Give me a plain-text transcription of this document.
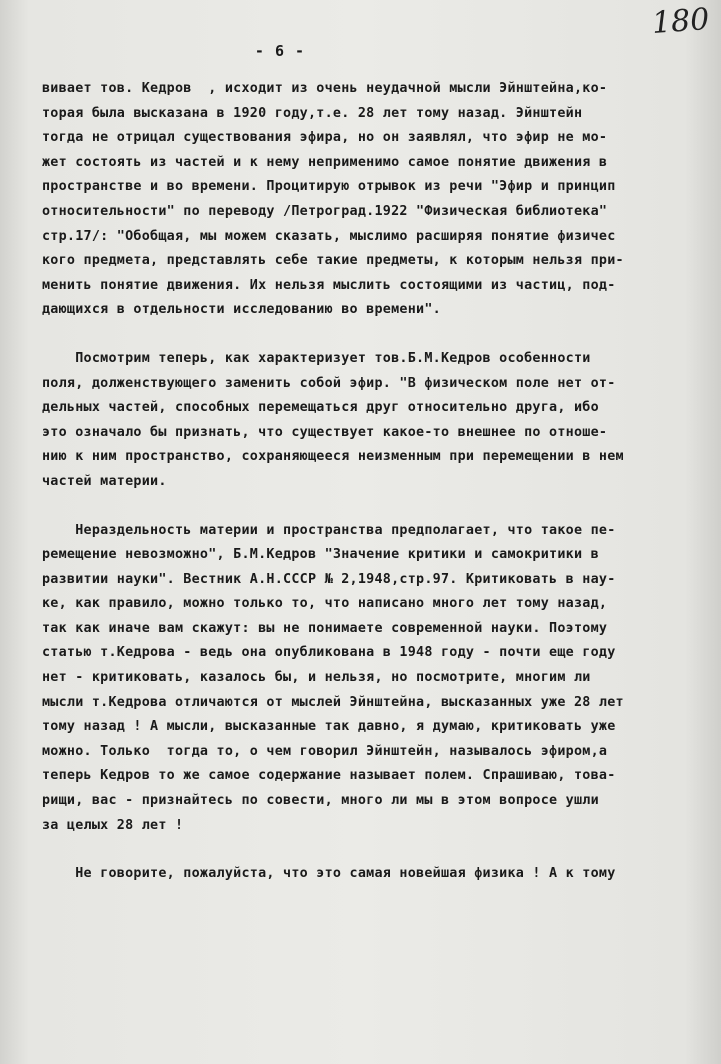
180
- 6 -
вивает тов. Кедров  , исходит из очень неудачной мысли Эйнштейна,ко-
торая была высказана в 1920 году,т.е. 28 лет тому назад. Эйнштейн
тогда не отрицал существования эфира, но он заявлял, что эфир не мо-
жет состоять из частей и к нему неприменимо самое понятие движения в
пространстве и во времени. Процитирую отрывок из речи "Эфир и принцип
относительности" по переводу /Петроград.1922 "Физическая библиотека"
стр.17/: "Обобщая, мы можем сказать, мыслимо расширяя понятие физичес
кого предмета, представлять себе такие предметы, к которым нельзя при-
менить понятие движения. Их нельзя мыслить состоящими из частиц, под-
дающихся в отдельности исследованию во времени".
Посмотрим теперь, как характеризует тов.Б.М.Кедров особенности
поля, долженствующего заменить собой эфир. "В физическом поле нет от-
дельных частей, способных перемещаться друг относительно друга, ибо
это означало бы признать, что существует какое-то внешнее по отноше-
нию к ним пространство, сохраняющееся неизменным при перемещении в нем
частей материи.
Нераздельность материи и пространства предполагает, что такое пе-
ремещение невозможно", Б.М.Кедров "Значение критики и самокритики в
развитии науки". Вестник А.Н.СССР № 2,1948,стр.97. Критиковать в нау-
ке, как правило, можно только то, что написано много лет тому назад,
так как иначе вам скажут: вы не понимаете современной науки. Поэтому
статью т.Кедрова - ведь она опубликована в 1948 году - почти еще году
нет - критиковать, казалось бы, и нельзя, но посмотрите, многим ли
мысли т.Кедрова отличаются от мыслей Эйнштейна, высказанных уже 28 лет
тому назад ! А мысли, высказанные так давно, я думаю, критиковать уже
можно. Только  тогда то, о чем говорил Эйнштейн, называлось эфиром,а
теперь Кедров то же самое содержание называет полем. Спрашиваю, това-
рищи, вас - признайтесь по совести, много ли мы в этом вопросе ушли
за целых 28 лет !
Не говорите, пожалуйста, что это самая новейшая физика ! А к тому
